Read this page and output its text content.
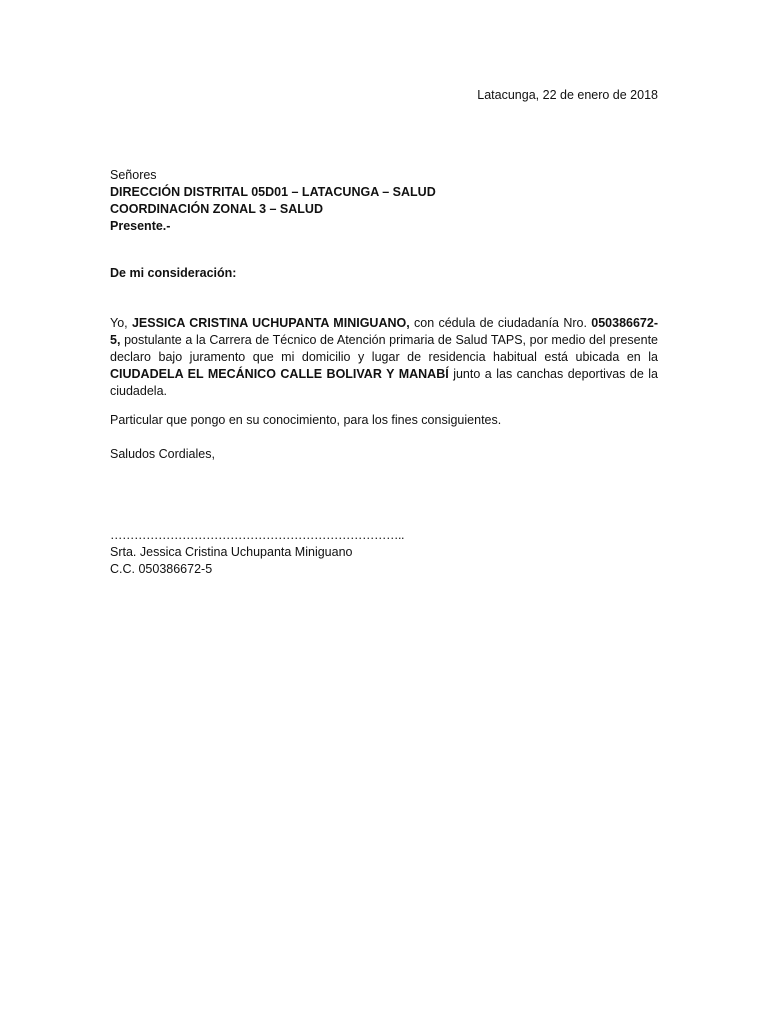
Latacunga, 22 de enero de 2018
Señores
DIRECCIÓN DISTRITAL 05D01 – LATACUNGA – SALUD
COORDINACIÓN ZONAL 3 – SALUD
Presente.-
De mi consideración:
Yo, JESSICA CRISTINA UCHUPANTA MINIGUANO, con cédula de ciudadanía Nro. 050386672-5, postulante a la Carrera de Técnico de Atención primaria de Salud TAPS, por medio del presente declaro bajo juramento que mi domicilio y lugar de residencia habitual está ubicada en la CIUDADELA EL MECÁNICO CALLE BOLIVAR Y MANABÍ junto a las canchas deportivas de la ciudadela.
Particular que pongo en su conocimiento, para los fines consiguientes.
Saludos Cordiales,
………………………………………………………………..
Srta. Jessica Cristina Uchupanta Miniguano
C.C. 050386672-5
